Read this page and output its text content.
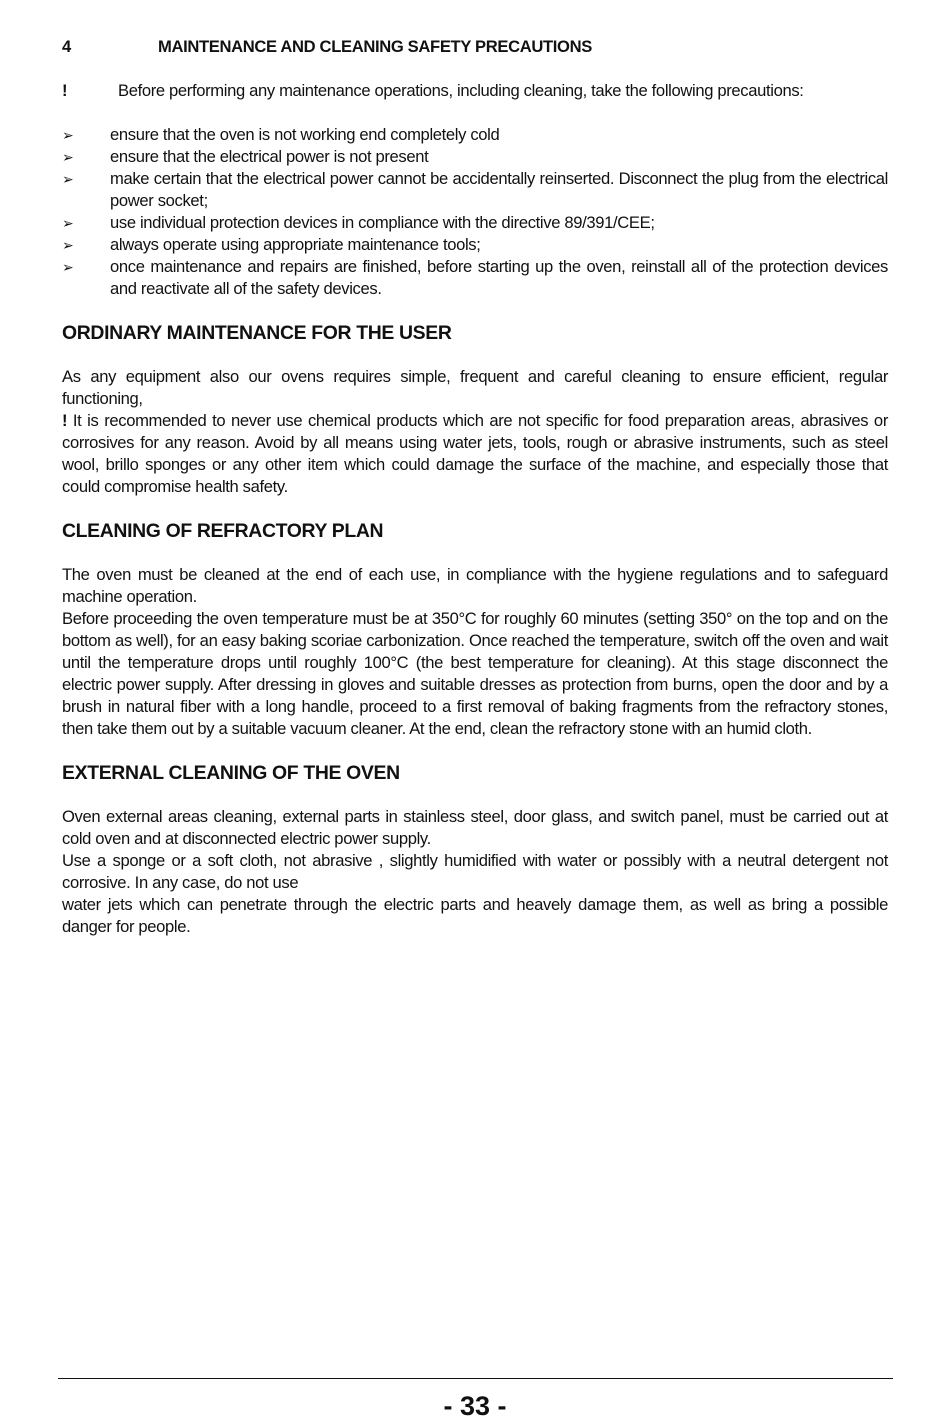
4	MAINTENANCE AND CLEANING SAFETY PRECAUTIONS
!	Before performing any maintenance operations, including cleaning, take the following precautions:
➢	ensure that the oven is not working end completely cold
➢	ensure that the electrical power is not present
➢	make certain that the electrical power cannot be accidentally reinserted. Disconnect the plug from the electrical power socket;
➢	use individual protection devices in compliance with the directive 89/391/CEE;
➢	always operate using appropriate maintenance tools;
➢	once maintenance and repairs are finished, before starting up the oven, reinstall all of the protection devices and reactivate all of the safety devices.
ORDINARY MAINTENANCE FOR THE USER

As any equipment also our ovens requires simple, frequent and careful cleaning to ensure efficient, regular functioning,

! It is recommended to never use chemical products which are not specific for food preparation areas, abrasives or corrosives for any reason. Avoid by all means using water jets, tools, rough or abrasive instruments, such as steel wool, brillo sponges or any other item which could damage the surface of the machine, and especially those that could compromise health safety.

CLEANING OF REFRACTORY PLAN

The oven must be cleaned at the end of each use, in compliance with the hygiene regulations and to safeguard machine operation.

Before proceeding the oven temperature must be at 350°C for roughly 60 minutes (setting 350° on the top and on the bottom as well), for an easy baking scoriae carbonization. Once reached the temperature, switch off the oven and wait until the temperature drops until roughly 100°C (the best temperature for cleaning). At this stage disconnect the electric power supply. After dressing in gloves and suitable dresses as protection from burns, open the door and by a brush in natural fiber with a long handle, proceed to a first removal of baking fragments from the refractory stones, then take them out by a suitable vacuum cleaner. At the end, clean the refractory stone with an humid cloth.

EXTERNAL CLEANING OF THE OVEN

Oven external areas cleaning, external parts in stainless steel, door glass, and switch panel, must be carried out at cold oven and at disconnected electric power supply.

Use a sponge or a soft cloth, not abrasive , slightly humidified with water or possibly with a neutral detergent not corrosive. In any case, do not use

water jets which can penetrate through the electric parts and heavely damage them, as well as bring a possible danger for people.

- 33 -
